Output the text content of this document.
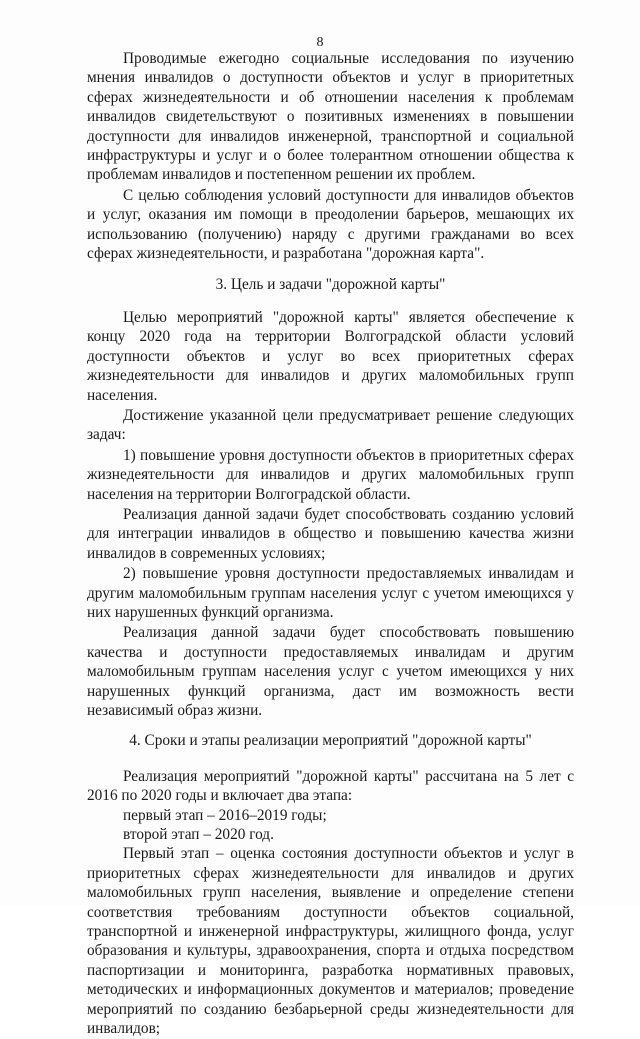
8

Проводимые ежегодно социальные исследования по изучению мнения инвалидов о доступности объектов и услуг в приоритетных сферах жизнедеятельности и об отношении населения к проблемам инвалидов свидетельствуют о позитивных изменениях в повышении доступности для инвалидов инженерной, транспортной и социальной инфраструктуры и услуг и о более толерантном отношении общества к проблемам инвалидов и постепенном решении их проблем.

С целью соблюдения условий доступности для инвалидов объектов и услуг, оказания им помощи в преодолении барьеров, мешающих их использованию (получению) наряду с другими гражданами во всех сферах жизнедеятельности, и разработана "дорожная карта".

3. Цель и задачи "дорожной карты"

Целью мероприятий "дорожной карты" является обеспечение к концу 2020 года на территории Волгоградской области условий доступности объектов и услуг во всех приоритетных сферах жизнедеятельности для инвалидов и других маломобильных групп населения.

Достижение указанной цели предусматривает решение следующих задач:

1) повышение уровня доступности объектов в приоритетных сферах жизнедеятельности для инвалидов и других маломобильных групп населения на территории Волгоградской области.

Реализация данной задачи будет способствовать созданию условий для интеграции инвалидов в общество и повышению качества жизни инвалидов в современных условиях;

2) повышение уровня доступности предоставляемых инвалидам и другим маломобильным группам населения услуг с учетом имеющихся у них нарушенных функций организма.

Реализация данной задачи будет способствовать повышению качества и доступности предоставляемых инвалидам и другим маломобильным группам населения услуг с учетом имеющихся у них нарушенных функций организма, даст им возможность вести независимый образ жизни.

4. Сроки и этапы реализации мероприятий "дорожной карты"

Реализация мероприятий "дорожной карты" рассчитана на 5 лет с 2016 по 2020 годы и включает два этапа:

первый этап – 2016–2019 годы;

второй этап – 2020 год.

Первый этап – оценка состояния доступности объектов и услуг в приоритетных сферах жизнедеятельности для инвалидов и других маломобильных групп населения, выявление и определение степени соответствия требованиям доступности объектов социальной, транспортной и инженерной инфраструктуры, жилищного фонда, услуг образования и культуры, здравоохранения, спорта и отдыха посредством паспортизации и мониторинга, разработка нормативных правовых, методических и информационных документов и материалов; проведение мероприятий по созданию безбарьерной среды жизнедеятельности для инвалидов;
